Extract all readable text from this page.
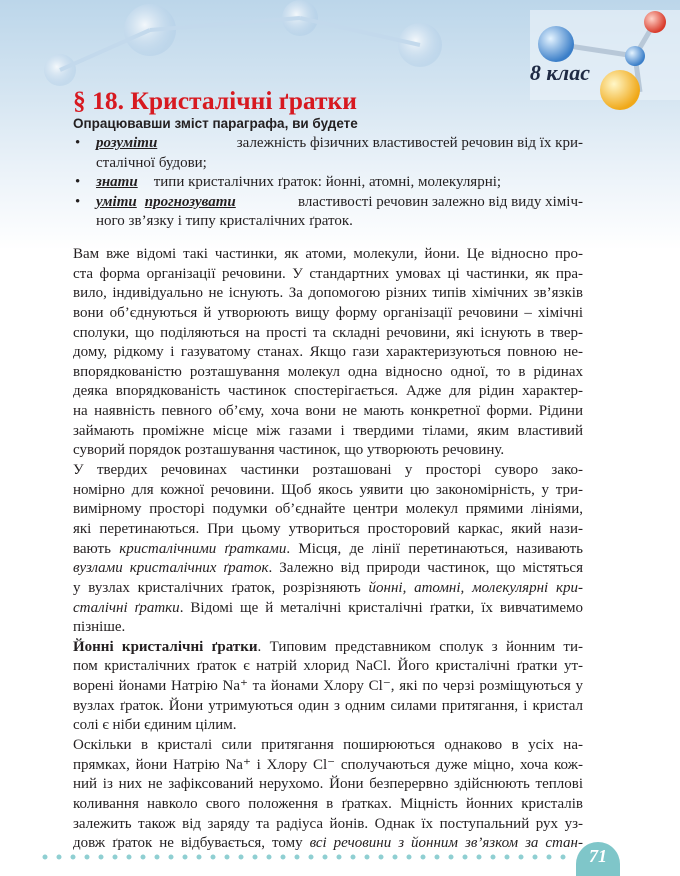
8 клас
§ 18. Кристалічні ґратки
Опрацювавши зміст параграфа, ви будете
• розуміти	залежність фізичних властивостей речовин від їх кри-
сталічної будови;
• знати типи кристалічних ґраток: йонні, атомні, молекулярні;
• уміти прогнозувати	властивості речовин залежно від виду хіміч-
ного зв’язку і типу кристалічних ґраток.
Вам вже відомі такі частинки, як атоми, молекули, йони. Це відносно про-
ста форма організації речовини. У стандартних умовах ці частинки, як пра-
вило, індивідуально не існують. За допомогою різних типів хімічних зв’язків
вони об’єднуються й утворюють вищу форму організації речовини – хімічні
сполуки, що поділяються на прості та складні речовини, які існують в твер-
дому, рідкому і газуватому станах. Якщо гази характеризуються повною не-
впорядкованістю розташування молекул одна відносно одної, то в рідинах
деяка впорядкованість частинок спостерігається. Адже для рідин характер-
на наявність певного об’єму, хоча вони не мають конкретної форми. Рідини
займають проміжне місце між газами і твердими тілами, яким властивий
суворий порядок розташування частинок, що утворюють речовину.
У твердих речовинах частинки розташовані у просторі суворо зако-
номірно для кожної речовини. Щоб якось уявити цю закономірність, у три-
вимірному просторі подумки об’єднайте центри молекул прямими лініями,
які перетинаються. При цьому утвориться просторовий каркас, який нази-
вають кристалічними ґратками. Місця, де лінії перетинаються, називають
вузлами кристалічних ґраток. Залежно від природи частинок, що містяться
у вузлах кристалічних ґраток, розрізняють йонні, атомні, молекулярні кри-
сталічні ґратки. Відомі ще й металічні кристалічні ґратки, їх вивчатимемо
пізніше.
Йонні кристалічні ґратки. Типовим представником сполук з йонним ти-
пом кристалічних ґраток є натрій хлорид NaCl. Його кристалічні ґратки ут-
ворені йонами Натрію Na⁺ та йонами Хлору Cl⁻, які по черзі розміщуються у
вузлах ґраток. Йони утримуються один з одним силами притягання, і кристал
солі є ніби єдиним цілим.
Оскільки в кристалі сили притягання поширюються однаково в усіх на-
прямках, йони Натрію Na⁺ і Хлору Cl⁻ сполучаються дуже міцно, хоча кож-
ний із них не зафіксований нерухомо. Йони безперервно здійснюють теплові
коливання навколо свого положення в ґратках. Міцність йонних кристалів
залежить також від заряду та радіуса йонів. Однак їх поступальний рух уз-
довж ґраток не відбувається, тому всі речовини з йонним зв’язком за стан-
71
